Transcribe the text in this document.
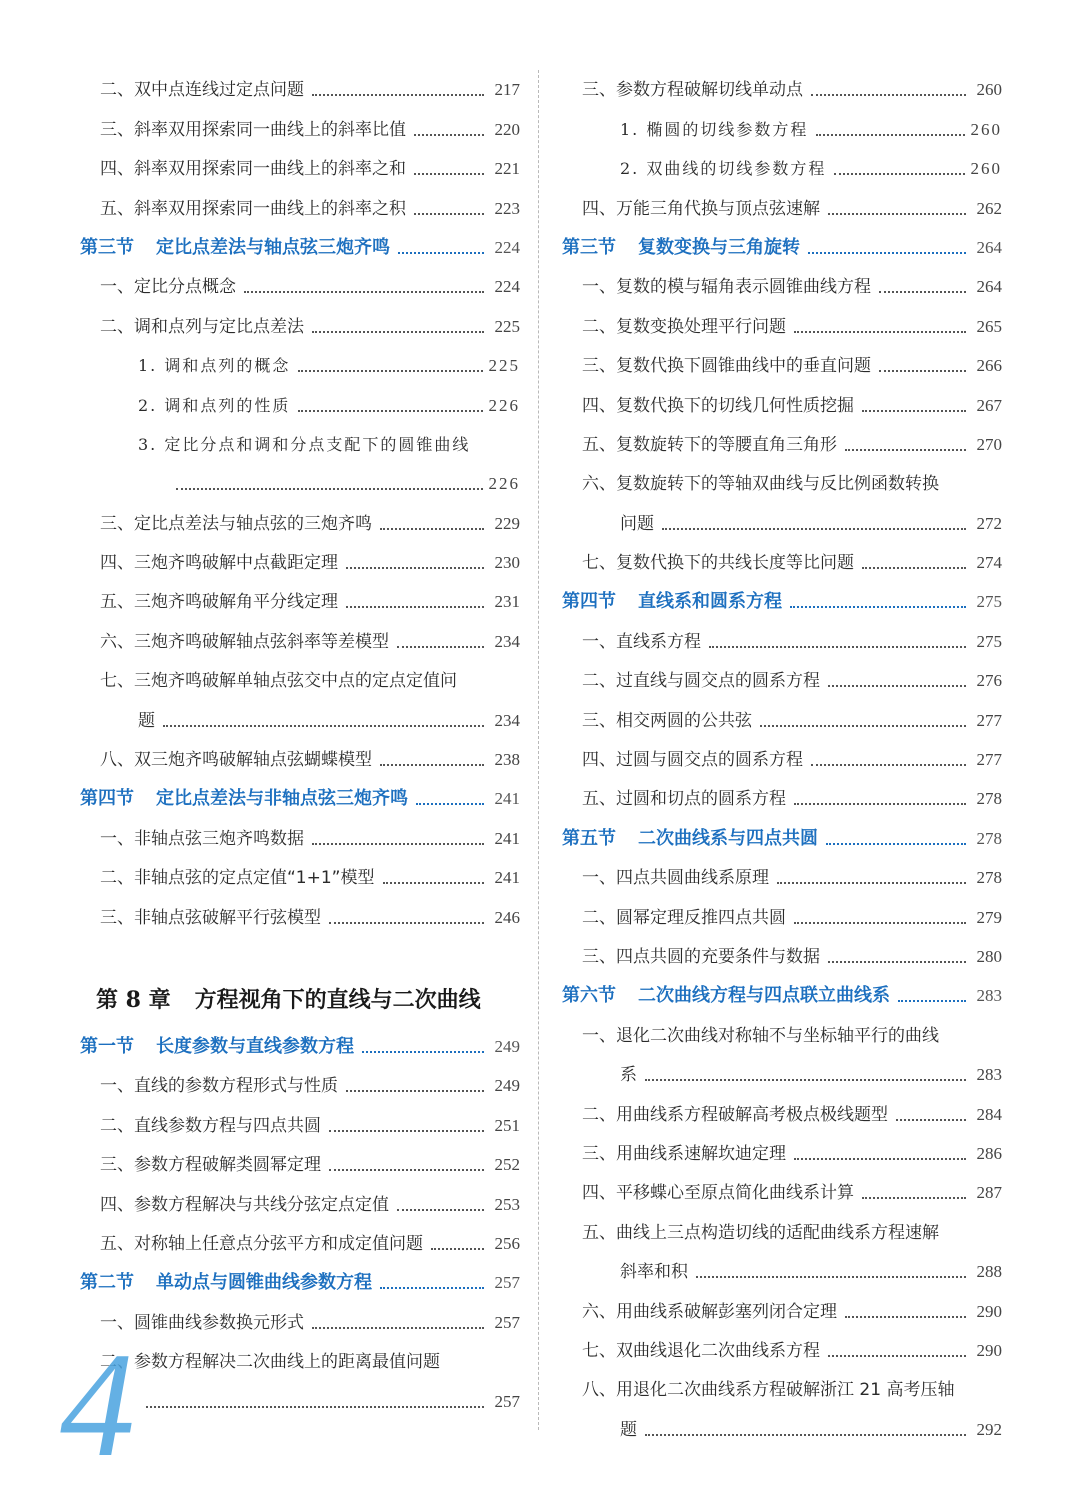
二、双中点连线过定点问题	217
三、斜率双用探索同一曲线上的斜率比值	220
四、斜率双用探索同一曲线上的斜率之和	221
五、斜率双用探索同一曲线上的斜率之积	223
第三节 定比点差法与轴点弦三炮齐鸣	224
一、定比分点概念	224
二、调和点列与定比点差法	225
1. 调和点列的概念	225
2. 调和点列的性质	226
3. 定比分点和调和分点支配下的圆锥曲线
226
三、定比点差法与轴点弦的三炮齐鸣	229
四、三炮齐鸣破解中点截距定理	230
五、三炮齐鸣破解角平分线定理	231
六、三炮齐鸣破解轴点弦斜率等差模型	234
七、三炮齐鸣破解单轴点弦交中点的定点定值问
题	234
八、双三炮齐鸣破解轴点弦蝴蝶模型	238
第四节 定比点差法与非轴点弦三炮齐鸣	241
一、非轴点弦三炮齐鸣数据	241
二、非轴点弦的定点定值“1+1”模型	241
三、非轴点弦破解平行弦模型	246
第 8 章 方程视角下的直线与二次曲线
第一节 长度参数与直线参数方程	249
一、直线的参数方程形式与性质	249
二、直线参数方程与四点共圆	251
三、参数方程破解类圆幂定理	252
四、参数方程解决与共线分弦定点定值	253
五、对称轴上任意点分弦平方和成定值问题	256
第二节 单动点与圆锥曲线参数方程	257
一、圆锥曲线参数换元形式	257
二、参数方程解决二次曲线上的距离最值问题
257
三、参数方程破解切线单动点	260
1. 椭圆的切线参数方程	260
2. 双曲线的切线参数方程	260
四、万能三角代换与顶点弦速解	262
第三节 复数变换与三角旋转	264
一、复数的模与辐角表示圆锥曲线方程	264
二、复数变换处理平行问题	265
三、复数代换下圆锥曲线中的垂直问题	266
四、复数代换下的切线几何性质挖掘	267
五、复数旋转下的等腰直角三角形	270
六、复数旋转下的等轴双曲线与反比例函数转换
问题	272
七、复数代换下的共线长度等比问题	274
第四节 直线系和圆系方程	275
一、直线系方程	275
二、过直线与圆交点的圆系方程	276
三、相交两圆的公共弦	277
四、过圆与圆交点的圆系方程	277
五、过圆和切点的圆系方程	278
第五节 二次曲线系与四点共圆	278
一、四点共圆曲线系原理	278
二、圆幂定理反推四点共圆	279
三、四点共圆的充要条件与数据	280
第六节 二次曲线方程与四点联立曲线系	283
一、退化二次曲线对称轴不与坐标轴平行的曲线
系	283
二、用曲线系方程破解高考极点极线题型	284
三、用曲线系速解坎迪定理	286
四、平移蝶心至原点简化曲线系计算	287
五、曲线上三点构造切线的适配曲线系方程速解
斜率和积	288
六、用曲线系破解彭塞列闭合定理	290
七、双曲线退化二次曲线系方程	290
八、用退化二次曲线系方程破解浙江 21 高考压轴
题	292
4
